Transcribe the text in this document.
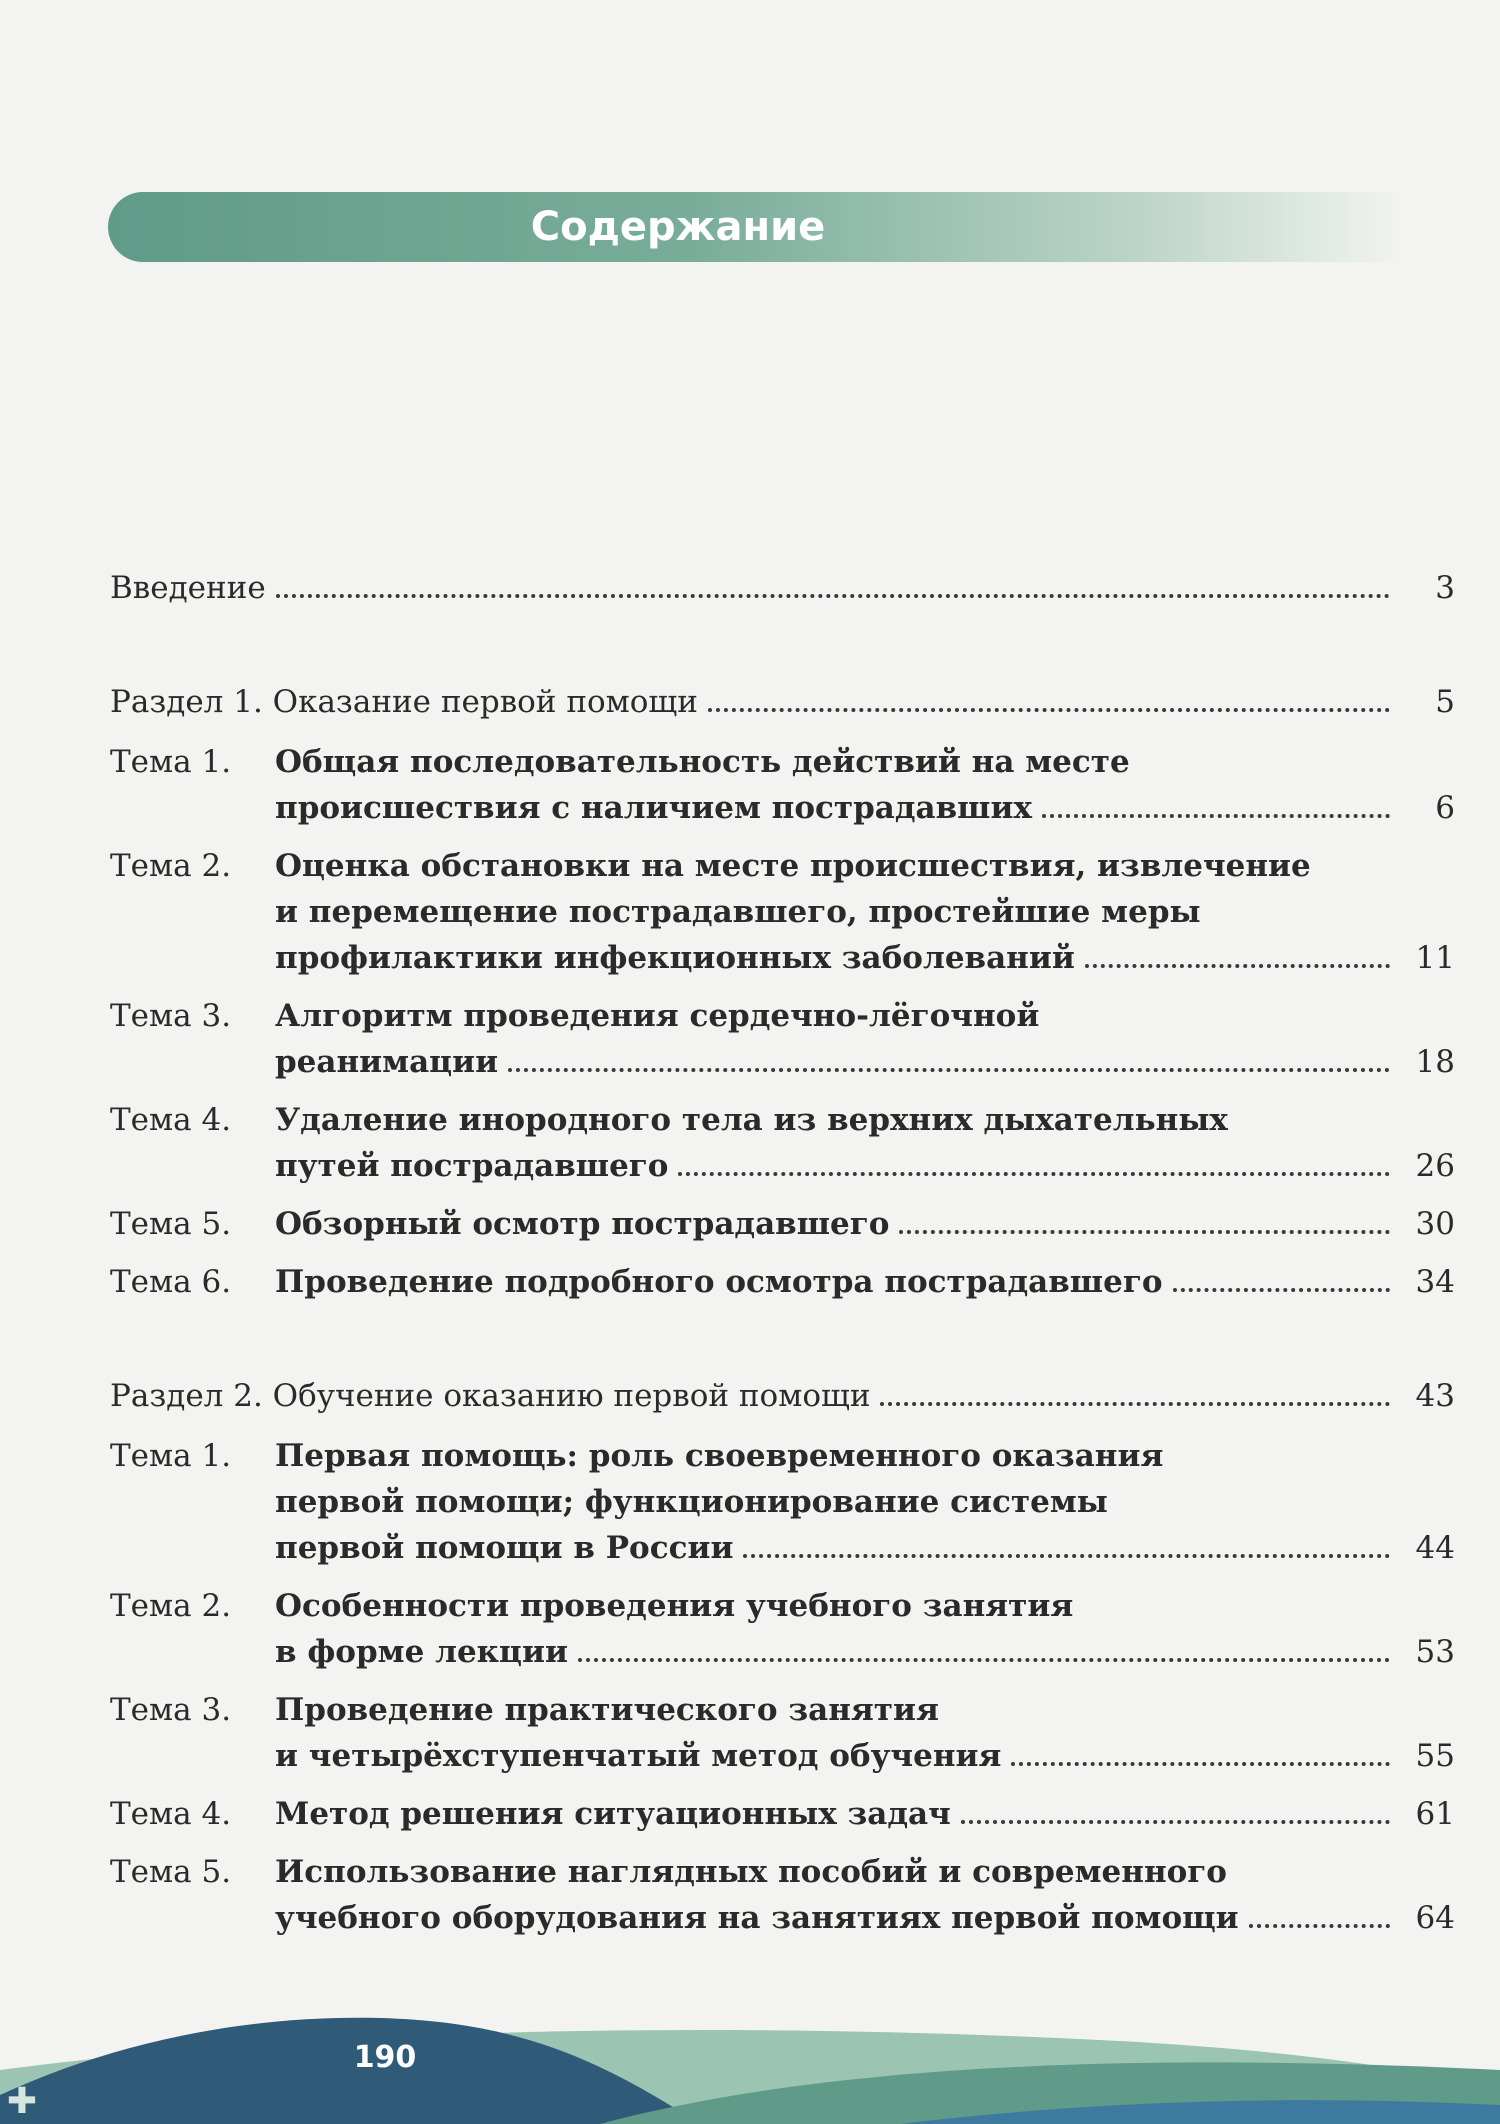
Содержание
Введение	3
Раздел 1. Оказание первой помощи	5
Тема 1.	Общая последовательность действий на месте
происшествия с наличием пострадавших	6
Тема 2.	Оценка обстановки на месте происшествия, извлечение
и перемещение пострадавшего, простейшие меры
профилактики инфекционных заболеваний	11
Тема 3.	Алгоритм проведения сердечно-лёгочной
реанимации	18
Тема 4.	Удаление инородного тела из верхних дыхательных
путей пострадавшего	26
Тема 5.	Обзорный осмотр пострадавшего	30
Тема 6.	Проведение подробного осмотра пострадавшего	34
Раздел 2. Обучение оказанию первой помощи	43
Тема 1.	Первая помощь: роль своевременного оказания
первой помощи; функционирование системы
первой помощи в России	44
Тема 2.	Особенности проведения учебного занятия
в форме лекции	53
Тема 3.	Проведение практического занятия
и четырёхступенчатый метод обучения	55
Тема 4.	Метод решения ситуационных задач	61
Тема 5.	Использование наглядных пособий и современного
учебного оборудования на занятиях первой помощи	64
190
✚
